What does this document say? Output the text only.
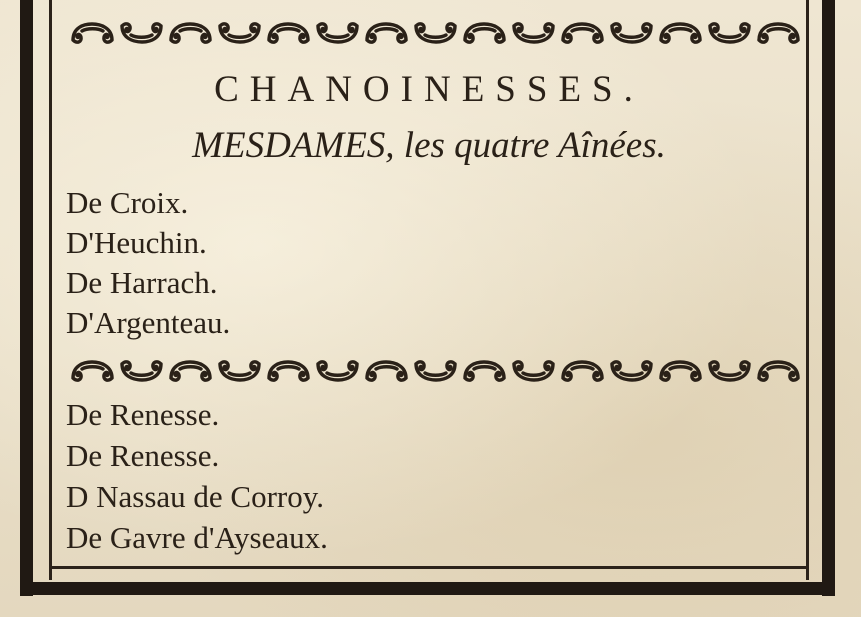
CHANOINESSES.
MESDAMES, les quatre Aînées.
De Croix.
D'Heuchin.
De Harrach.
D'Argenteau.
De Renesse.
De Renesse.
D Nassau de Corroy.
De Gavre d'Ayseaux.
